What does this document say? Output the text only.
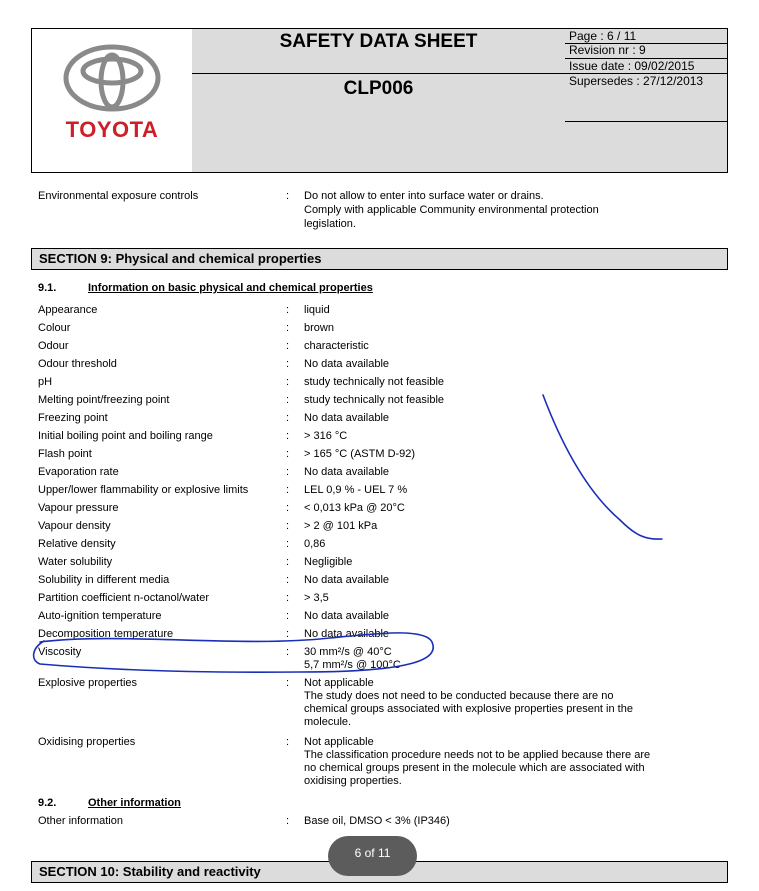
TOYOTA
SAFETY DATA SHEET
CLP006
Page : 6 / 11
Revision nr : 9
Issue date : 09/02/2015
Supersedes : 27/12/2013
Environmental exposure controls	: Do not allow to enter into surface water or drains.
Comply with applicable Community environmental protection
legislation.
SECTION 9: Physical and chemical properties
9.1.	Information on basic physical and chemical properties
Appearance	: liquid
Colour	: brown
Odour	: characteristic
Odour threshold	: No data available
pH	: study technically not feasible
Melting point/freezing point	: study technically not feasible
Freezing point	: No data available
Initial boiling point and boiling range	: > 316 °C
Flash point	: > 165 °C (ASTM D-92)
Evaporation rate	: No data available
Upper/lower flammability or explosive limits	: LEL 0,9 % - UEL 7 %
Vapour pressure	: < 0,013 kPa @ 20°C
Vapour density	: > 2 @ 101 kPa
Relative density	: 0,86
Water solubility	: Negligible
Solubility in different media	: No data available
Partition coefficient n-octanol/water	: > 3,5
Auto-ignition temperature	: No data available
Decomposition temperature	: No data available
Viscosity	: 30 mm²/s @ 40°C
5,7 mm²/s @ 100°C
Explosive properties	: Not applicable
The study does not need to be conducted because there are no
chemical groups associated with explosive properties present in the
molecule.
Oxidising properties	: Not applicable
The classification procedure needs not to be applied because there are
no chemical groups present in the molecule which are associated with
oxidising properties.
9.2.	Other information
Other information	: Base oil, DMSO < 3% (IP346)
SECTION 10: Stability and reactivity
6 of 11
